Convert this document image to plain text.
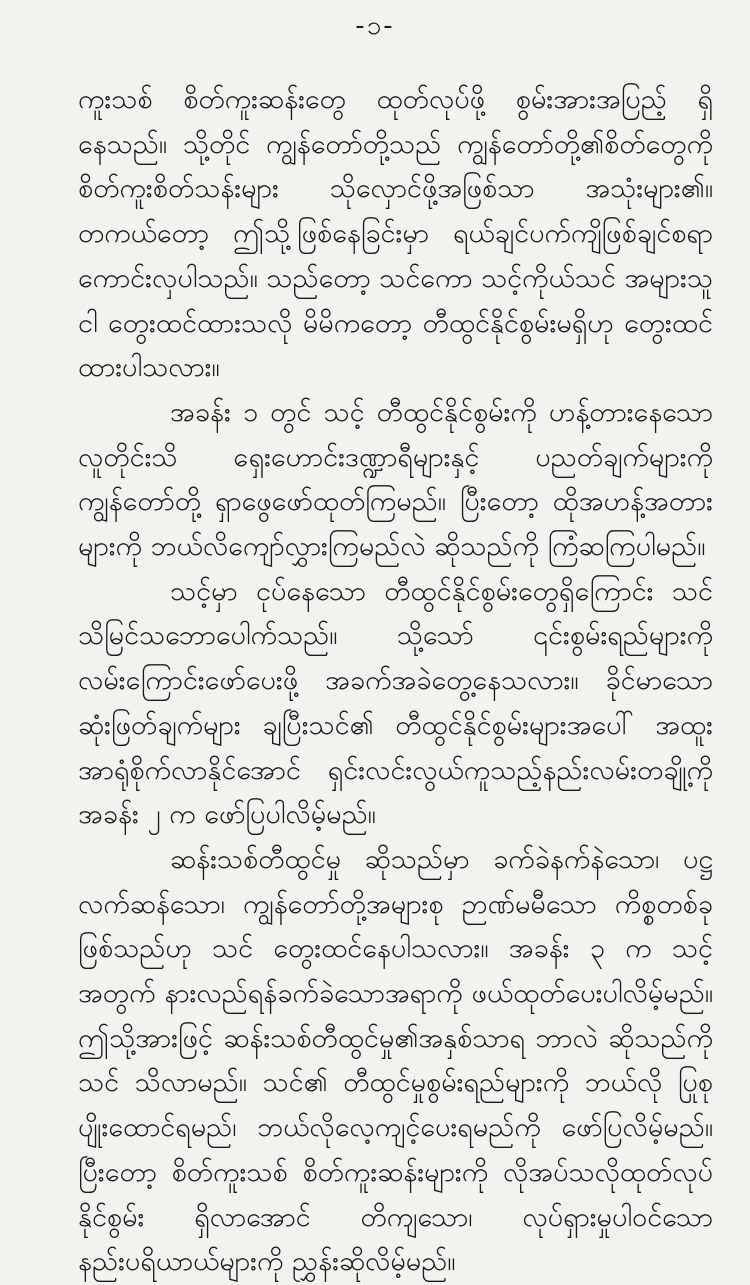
-၁-

ကူးသစ် စိတ်ကူးဆန်းတွေ ထုတ်လုပ်ဖို့ စွမ်းအားအပြည့် ရှိနေသည်။ သို့တိုင် ကျွန်တော်တို့သည် ကျွန်တော်တို့၏စိတ်တွေကို စိတ်ကူးစိတ်သန်းများ သိုလှောင်ဖို့အဖြစ်သာ အသုံးများ၏။ တကယ်တော့ ဤသို့ဖြစ်နေခြင်းမှာ ရယ်ချင်ပက်ကျိဖြစ်ချင်စရာ ကောင်းလှပါသည်။ သည်တော့ သင်ကော သင့်ကိုယ်သင် အများသူငါ တွေးထင်ထားသလို မိမိကတော့ တီထွင်နိုင်စွမ်းမရှိဟု တွေးထင်ထားပါသလား။

အခန်း ၁ တွင် သင့် တီထွင်နိုင်စွမ်းကို ဟန့်တားနေသော လူတိုင်းသိ ရှေးဟောင်းဒဏ္ဍာရီများနှင့် ပညတ်ချက်များကို ကျွန်တော်တို့ ရှာဖွေဖော်ထုတ်ကြမည်။ ပြီးတော့ ထိုအဟန့်အတားများကို ဘယ်လိကျော်လွှားကြမည်လဲ ဆိုသည်ကို ကြံဆကြပါမည်။

သင့်မှာ ငုပ်နေသော တီထွင်နိုင်စွမ်းတွေရှိကြောင်း သင် သိမြင်သဘောပေါက်သည်။ သို့သော် ၎င်းစွမ်းရည်များကို လမ်းကြောင်းဖော်ပေးဖို့ အခက်အခဲတွေ့နေသလား။ ခိုင်မာသောဆုံးဖြတ်ချက်များ ချပြီးသင်၏ တီထွင်နိုင်စွမ်းများအပေါ် အထူးအာရုံစိုက်လာနိုင်အောင် ရှင်းလင်းလွယ်ကူသည့်နည်းလမ်းတချို့ကို အခန်း ၂ က ဖော်ပြပါလိမ့်မည်။

ဆန်းသစ်တီထွင်မှု ဆိုသည်မှာ ခက်ခဲနက်နဲသော၊ ပဋ္ဌလက်ဆန်သော၊ ကျွန်တော်တို့အများစု ဉာဏ်မမီသော ကိစ္စတစ်ခုဖြစ်သည်ဟု သင် တွေးထင်နေပါသလား။ အခန်း ၃ က သင့်အတွက် နားလည်ရန်ခက်ခဲသောအရာကို ဖယ်ထုတ်ပေးပါလိမ့်မည်။ ဤသို့အားဖြင့် ဆန်းသစ်တီထွင်မှု၏အနှစ်သာရ ဘာလဲ ဆိုသည်ကို သင် သိလာမည်။ သင်၏ တီထွင်မှုစွမ်းရည်များကို ဘယ်လို ပြုစုပျိုးထောင်ရမည်၊ ဘယ်လိုလေ့ကျင့်ပေးရမည်ကို ဖော်ပြလိမ့်မည်။ ပြီးတော့ စိတ်ကူးသစ် စိတ်ကူးဆန်းများကို လိုအပ်သလိုထုတ်လုပ်နိုင်စွမ်း ရှိလာအောင် တိကျသော၊ လုပ်ရှားမှုပါဝင်သော နည်းပရိယာယ်များကို ညွှန်းဆိုလိမ့်မည်။
